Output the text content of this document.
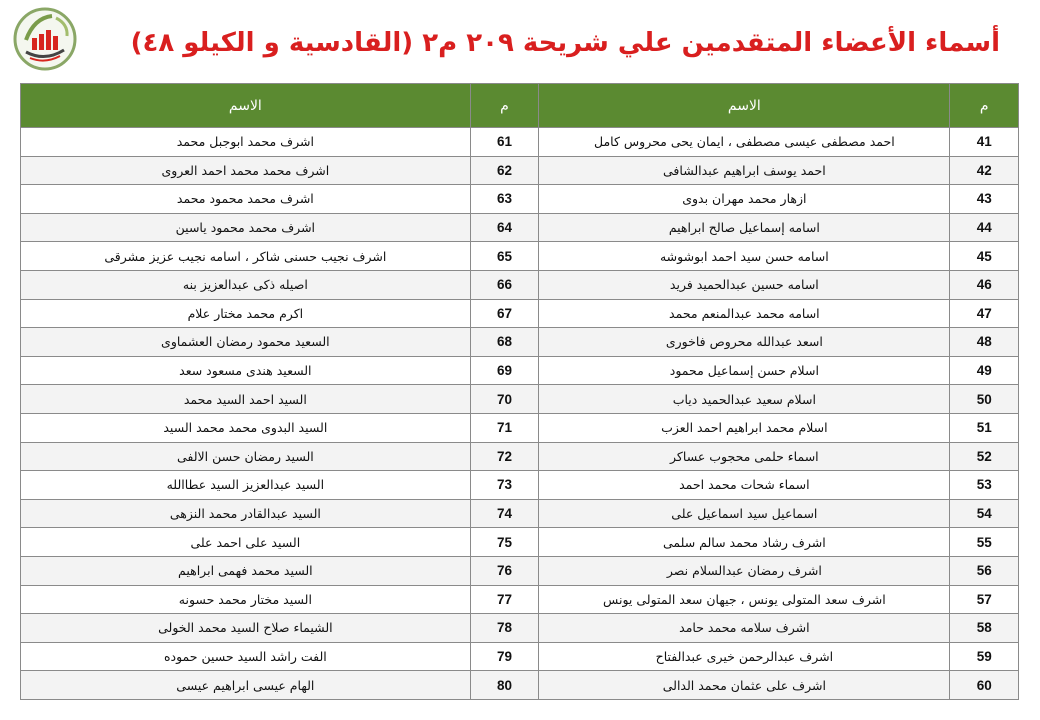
أسماء الأعضاء المتقدمين علي شريحة ٢٠٩ م٢ (القادسية و الكيلو ٤٨)
م	الاسم	م	الاسم
41	احمد مصطفى عيسى مصطفى ، ايمان يحى محروس كامل	61	اشرف محمد ابوجبل محمد
42	احمد يوسف ابراهيم عبدالشافى	62	اشرف محمد محمد احمد العروى
43	ازهار محمد مهران بدوى	63	اشرف محمد محمود محمد
44	اسامه إسماعيل صالح ابراهيم	64	اشرف محمد محمود ياسين
45	اسامه حسن سيد احمد ابوشوشه	65	اشرف نجيب حسنى شاكر ، اسامه نجيب عزيز مشرقى
46	اسامه حسين عبدالحميد فريد	66	اصيله ذكى عبدالعزيز بنه
47	اسامه محمد عبدالمنعم محمد	67	اكرم محمد مختار علام
48	اسعد عبدالله محروص فاخورى	68	السعيد محمود رمضان العشماوى
49	اسلام حسن إسماعيل محمود	69	السعيد هندى مسعود سعد
50	اسلام سعيد عبدالحميد دياب	70	السيد احمد السيد محمد
51	اسلام محمد ابراهيم احمد العزب	71	السيد البدوى محمد محمد السيد
52	اسماء حلمى محجوب عساكر	72	السيد رمضان حسن الالفى
53	اسماء شحات محمد احمد	73	السيد عبدالعزيز السيد عطاالله
54	اسماعيل سيد اسماعيل على	74	السيد عبدالقادر محمد النزهى
55	اشرف رشاد محمد سالم سلمى	75	السيد على احمد على
56	اشرف رمضان عبدالسلام نصر	76	السيد محمد فهمى ابراهيم
57	اشرف سعد المتولى يونس ، جيهان سعد المتولى يونس	77	السيد مختار محمد حسونه
58	اشرف سلامه محمد حامد	78	الشيماء صلاح السيد محمد الخولى
59	اشرف عبدالرحمن خيرى عبدالفتاح	79	الفت راشد السيد حسين حموده
60	اشرف على عثمان محمد الدالى	80	الهام عيسى ابراهيم عيسى
